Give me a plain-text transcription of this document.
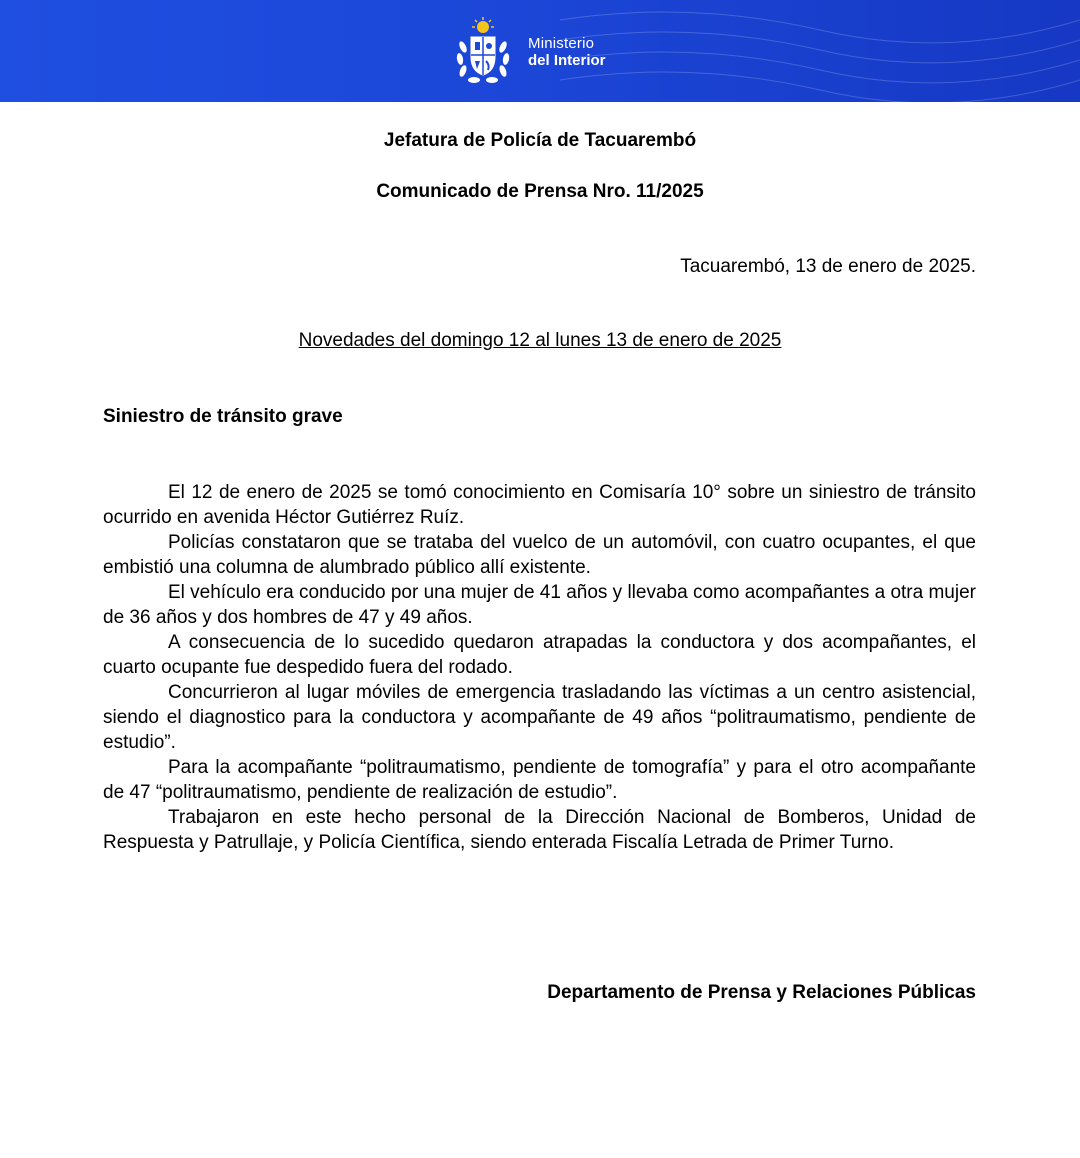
Ministerio
del Interior
Jefatura de Policía de Tacuarembó
Comunicado de Prensa Nro. 11/2025
Tacuarembó, 13 de enero de 2025.
Novedades del domingo 12 al lunes 13 de enero de 2025
Siniestro de tránsito grave

El 12 de enero de 2025 se tomó conocimiento en Comisaría 10° sobre un siniestro de tránsito ocurrido en avenida Héctor Gutiérrez Ruíz.

Policías constataron que se trataba del vuelco de un automóvil, con cuatro ocupantes, el que embistió una columna de alumbrado público allí existente.

El vehículo era conducido por una mujer de 41 años y llevaba como acompañantes a otra mujer de 36 años y dos hombres de 47 y 49 años.

A consecuencia de lo sucedido quedaron atrapadas la conductora y dos acompañantes, el cuarto ocupante fue despedido fuera del rodado.

Concurrieron al lugar móviles de emergencia trasladando las víctimas a un centro asistencial, siendo el diagnostico para la conductora y acompañante de 49 años “politraumatismo, pendiente de estudio”.

Para la acompañante “politraumatismo, pendiente de tomografía” y para el otro acompañante de 47 “politraumatismo, pendiente de realización de estudio”.

Trabajaron en este hecho personal de la Dirección Nacional de Bomberos, Unidad de Respuesta y Patrullaje, y Policía Científica, siendo enterada Fiscalía Letrada de Primer Turno.

Departamento de Prensa y Relaciones Públicas
